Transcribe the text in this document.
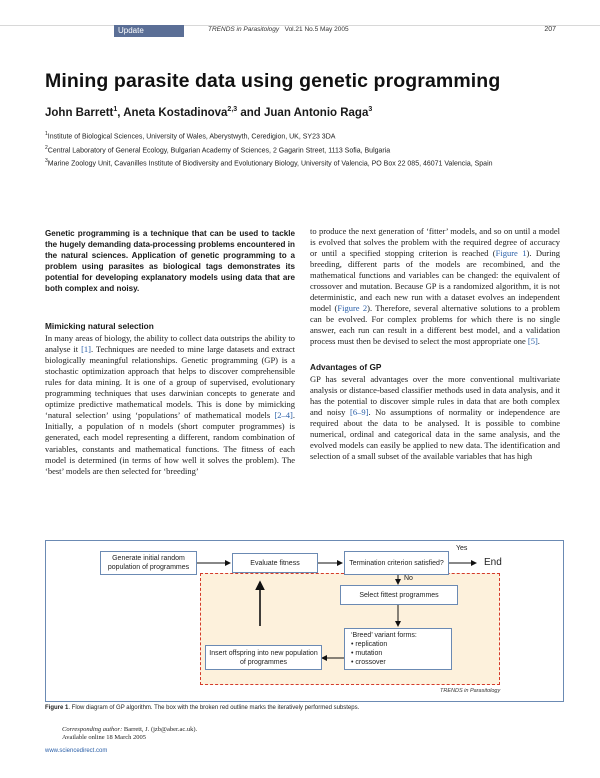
Update	TRENDS in Parasitology Vol.21 No.5 May 2005	207
Mining parasite data using genetic programming
John Barrett$^1$, Aneta Kostadinova$^{2,3}$ and Juan Antonio Raga$^3$
$^1$Institute of Biological Sciences, University of Wales, Aberystwyth, Ceredigion, UK, SY23 3DA
$^2$Central Laboratory of General Ecology, Bulgarian Academy of Sciences, 2 Gagarin Street, 1113 Sofia, Bulgaria
$^3$Marine Zoology Unit, Cavanilles Institute of Biodiversity and Evolutionary Biology, University of Valencia, PO Box 22 085, 46071 Valencia, Spain

Genetic programming is a technique that can be used to tackle the hugely demanding data-processing problems encountered in the natural sciences. Application of genetic programming to a problem using parasites as biological tags demonstrates its potential for developing explanatory models using data that are both complex and noisy.

Mimicking natural selection

In many areas of biology, the ability to collect data outstrips the ability to analyse it [1]. Techniques are needed to mine large datasets and extract biologically meaningful relationships. Genetic programming (GP) is a stochastic optimization approach that helps to discover comprehensible rules for data mining. It is one of a group of supervised, evolutionary programming techniques that uses darwinian concepts to generate and optimize predictive mathematical models. This is done by mimicking ‘natural selection’ using ‘populations’ of mathematical models [2–4]. Initially, a population of n models (short computer programmes) is generated, each model representing a different, random combination of variables, constants and mathematical functions. The fitness of each model is determined (in terms of how well it solves the problem). The ‘best’ models are then selected for ‘breeding’

to produce the next generation of ‘fitter’ models, and so on until a model is evolved that solves the problem with the required degree of accuracy or until a specified stopping criterion is reached (Figure 1). During breeding, different parts of the models are recombined, and the mathematical functions and variables can be changed: the equivalent of crossover and mutation. Because GP is a randomized algorithm, it is not deterministic, and each new run with a dataset evolves an independent model (Figure 2). Therefore, several alternative solutions to a problem can be evolved. For complex problems for which there is no single answer, each run can result in a different best model, and a validation process must then be devised to select the most appropriate one [5].

Advantages of GP

GP has several advantages over the more conventional multivariate analysis or distance-based classifier methods used in data analysis, and it has the potential to discover simple rules in data that are both complex and noisy [6–9]. No assumptions of normality or independence are required about the data to be analysed. It is possible to combine numerical, ordinal and categorical data in the same analysis, and the evolved models can easily be applied to new data. The identification and selection of a small subset of the available variables that has high

Generate initial random population of programmes
Evaluate fitness	Termination criterion satisfied?
Yes
End
No
Select fittest programmes
‘Breed’ variant forms:
• replication
• mutation
• crossover
Insert offspring into new population of programmes
TRENDS in Parasitology
Figure 1. Flow diagram of GP algorithm. The box with the broken red outline marks the iteratively performed substeps.
Corresponding author: Barrett, J. (jzb@aber.ac.uk).
Available online 18 March 2005
www.sciencedirect.com
